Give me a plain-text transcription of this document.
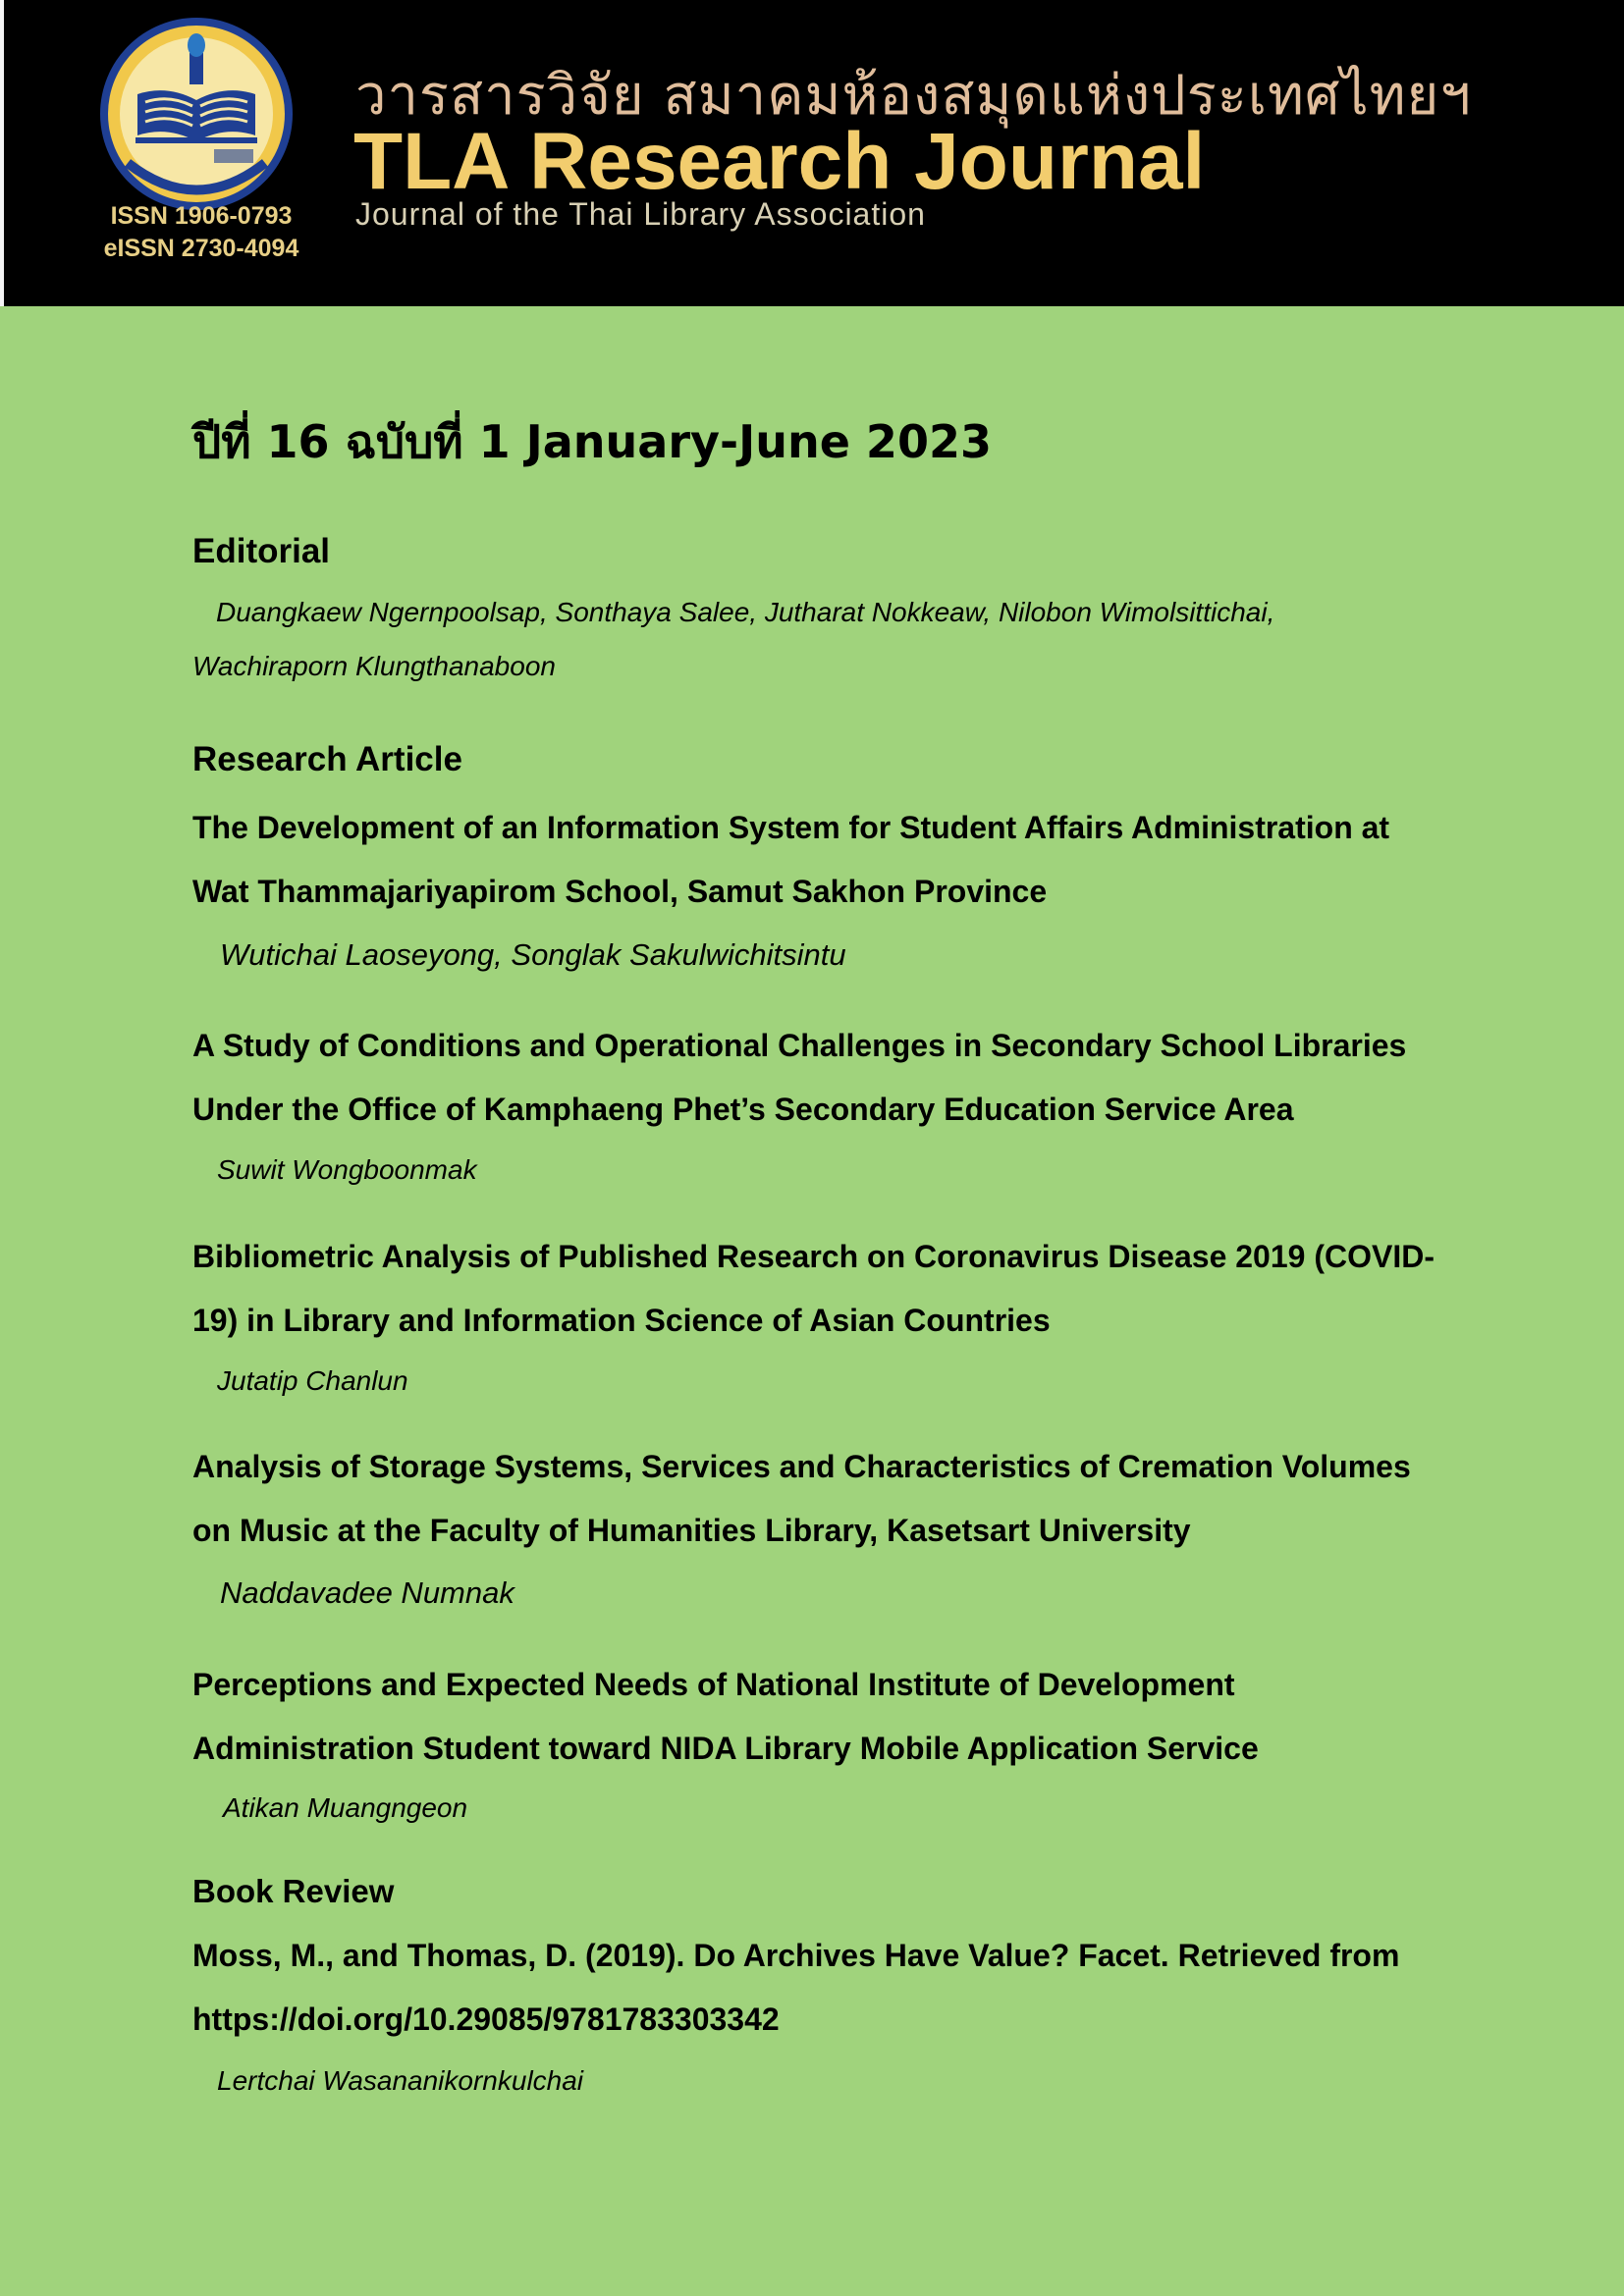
ISSN 1906-0793
eISSN 2730-4094
วารสารวิจัย สมาคมห้องสมุดแห่งประเทศไทยฯ
TLA Research Journal
Journal of the Thai Library Association
ปีที่ 16 ฉบับที่ 1 January-June 2023
Editorial
Duangkaew Ngernpoolsap, Sonthaya Salee, Jutharat Nokkeaw, Nilobon Wimolsittichai,
Wachiraporn Klungthanaboon
Research Article
The Development of an Information System for Student Affairs Administration at
Wat Thammajariyapirom School, Samut Sakhon Province
Wutichai Laoseyong, Songlak Sakulwichitsintu
A Study of Conditions and Operational Challenges in Secondary School Libraries
Under the Office of Kamphaeng Phet’s Secondary Education Service Area
Suwit Wongboonmak
Bibliometric Analysis of Published Research on Coronavirus Disease 2019 (COVID-
19) in Library and Information Science of Asian Countries
Jutatip Chanlun
Analysis of Storage Systems, Services and Characteristics of Cremation Volumes
on Music at the Faculty of Humanities Library, Kasetsart University
Naddavadee Numnak
Perceptions and Expected Needs of National Institute of Development
Administration Student toward NIDA Library Mobile Application Service
Atikan Muangngeon
Book Review
Moss, M., and Thomas, D. (2019). Do Archives Have Value? Facet. Retrieved from
https://doi.org/10.29085/9781783303342
Lertchai Wasananikornkulchai
